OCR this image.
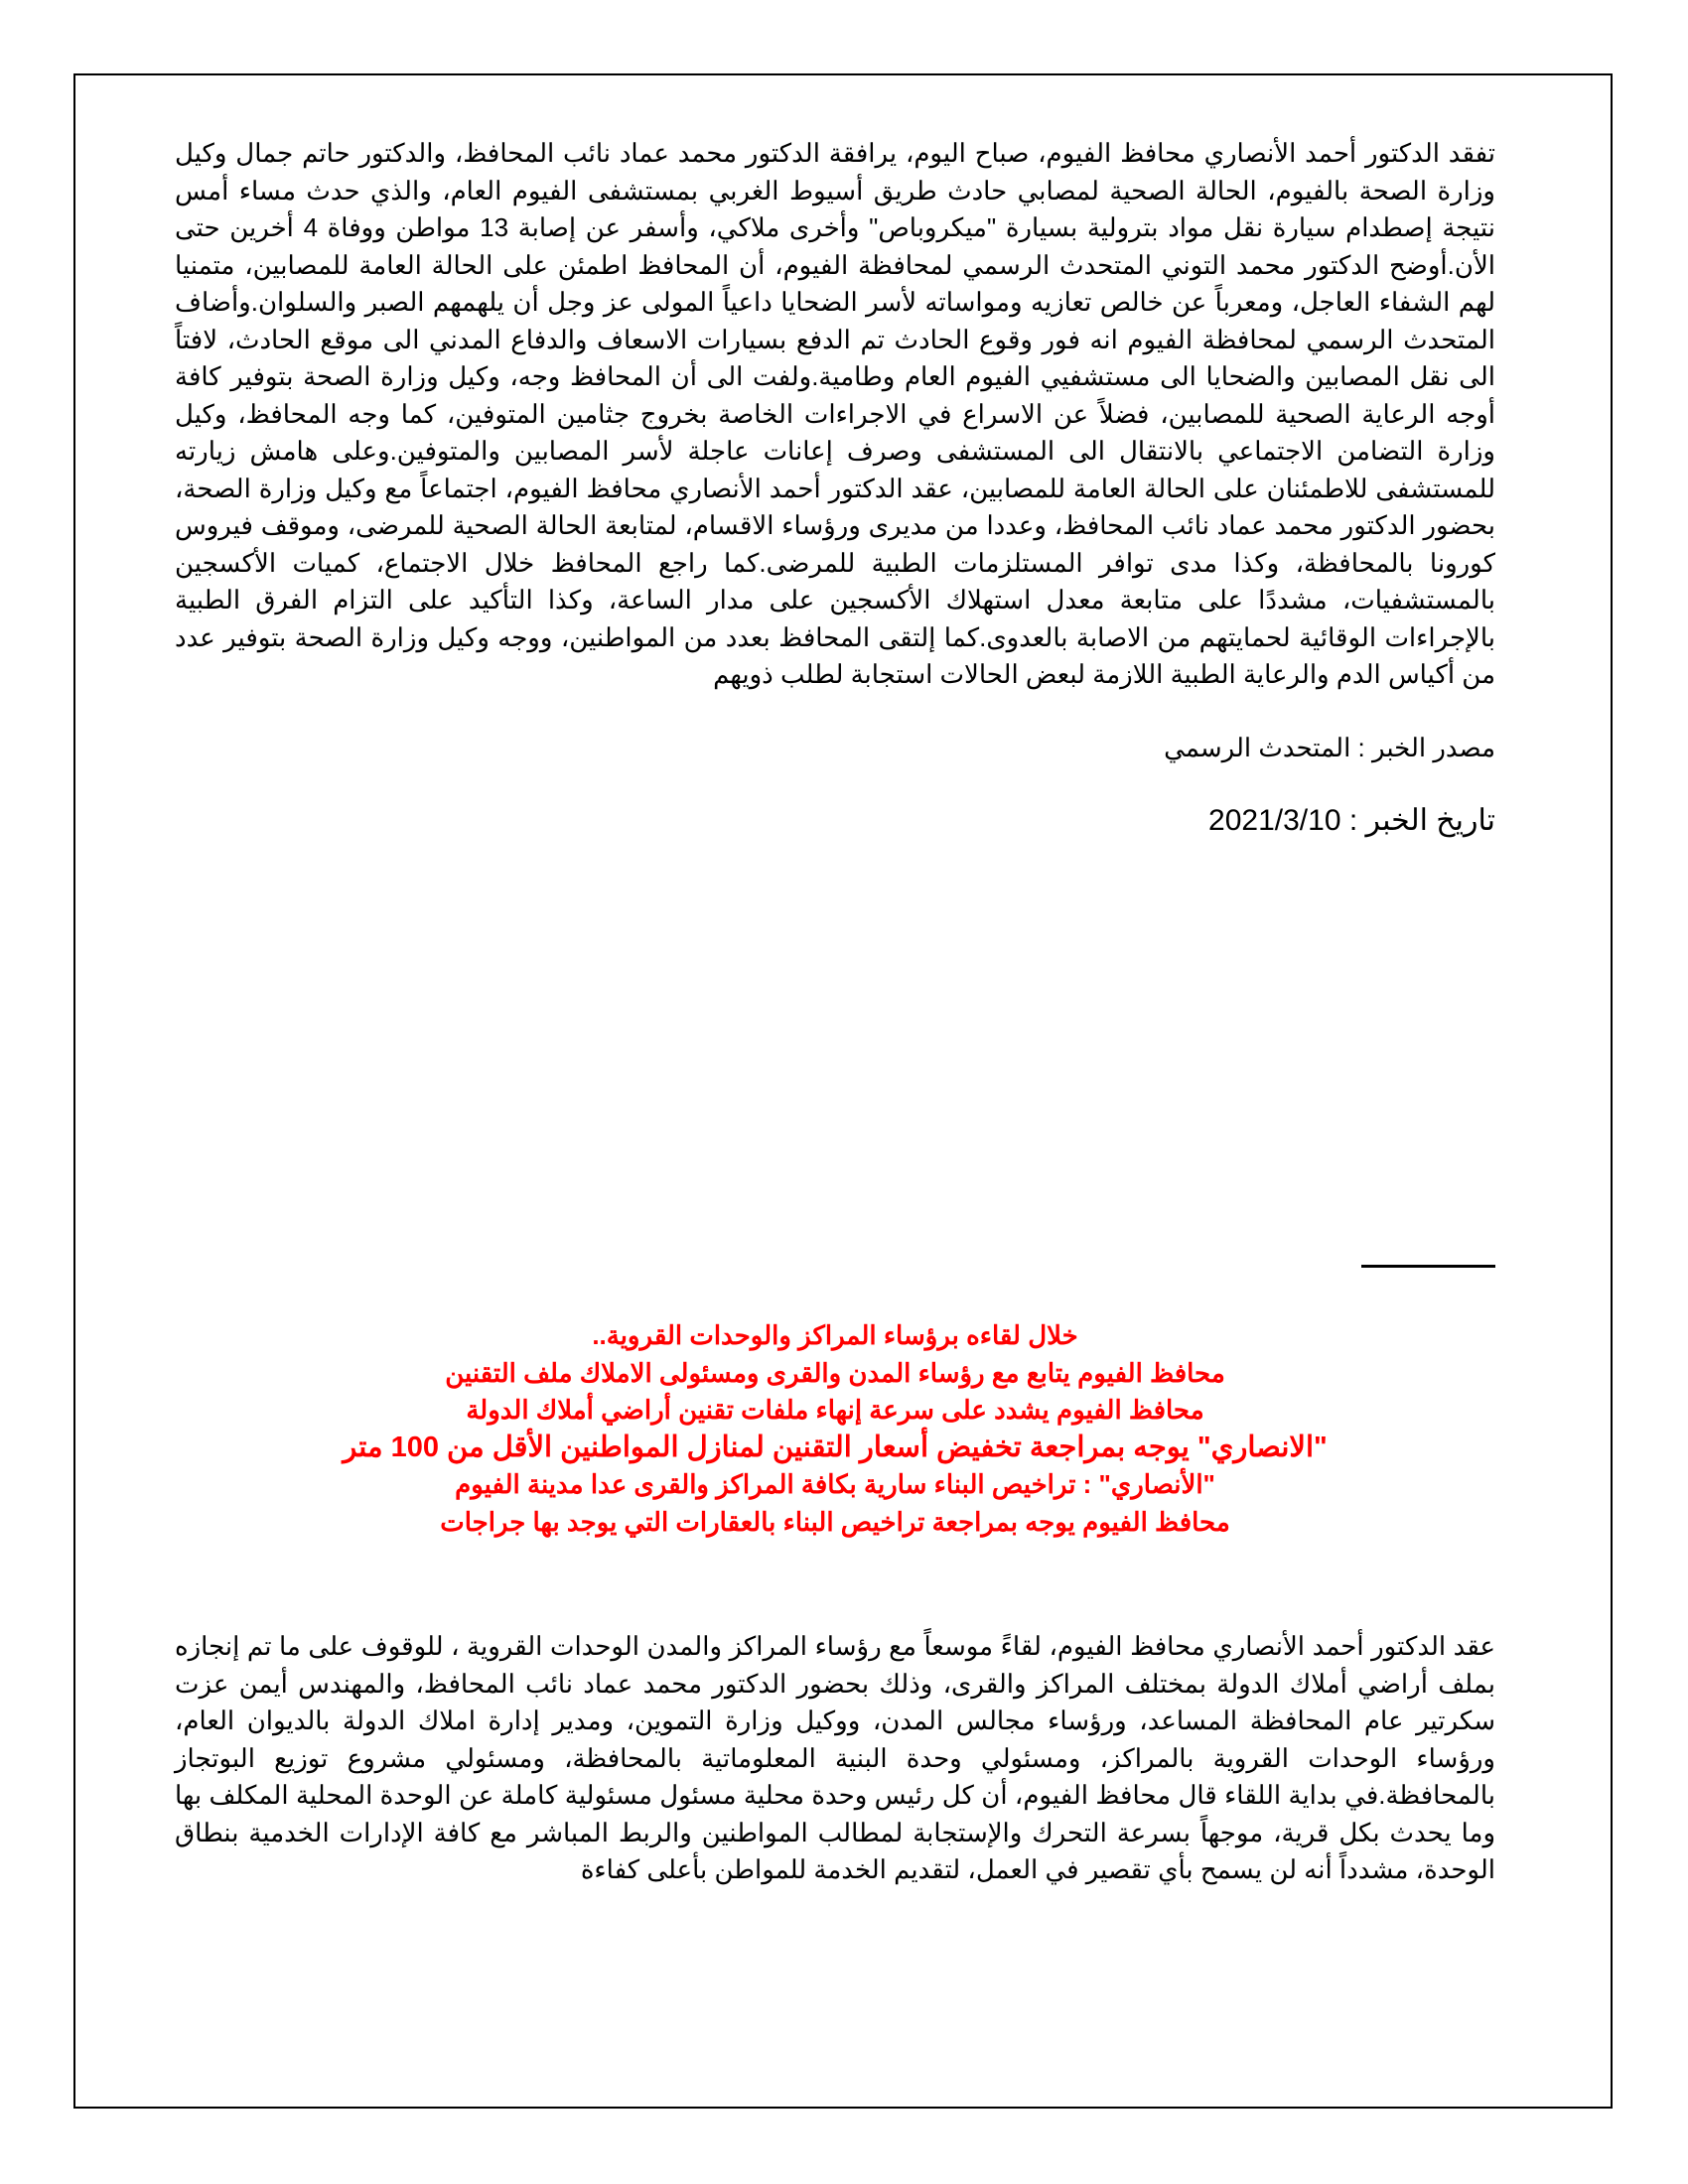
تفقد الدكتور أحمد الأنصاري محافظ الفيوم، صباح اليوم، يرافقة الدكتور محمد عماد نائب المحافظ، والدكتور حاتم جمال وكيل وزارة الصحة بالفيوم، الحالة الصحية لمصابي حادث طريق أسيوط الغربي بمستشفى الفيوم العام، والذي حدث مساء أمس نتيجة إصطدام سيارة نقل مواد بترولية بسيارة "ميكروباص" وأخرى ملاكي، وأسفر عن إصابة 13 مواطن ووفاة 4 أخرين حتى الأن.أوضح الدكتور محمد التوني المتحدث الرسمي لمحافظة الفيوم، أن المحافظ اطمئن على الحالة العامة للمصابين، متمنيا لهم الشفاء العاجل، ومعرباً عن خالص تعازيه ومواساته لأسر الضحايا داعياً المولى عز وجل أن يلهمهم الصبر والسلوان.وأضاف المتحدث الرسمي لمحافظة الفيوم انه فور وقوع الحادث تم الدفع بسيارات الاسعاف والدفاع المدني الى موقع الحادث، لافتاً الى نقل المصابين والضحايا الى مستشفيي الفيوم العام وطامية.ولفت الى أن المحافظ وجه، وكيل وزارة الصحة بتوفير كافة أوجه الرعاية الصحية للمصابين، فضلاً عن الاسراع في الاجراءات الخاصة بخروج جثامين المتوفين، كما وجه المحافظ، وكيل وزارة التضامن الاجتماعي بالانتقال الى المستشفى وصرف إعانات عاجلة لأسر المصابين والمتوفين.وعلى هامش زيارته للمستشفى للاطمئنان على الحالة العامة للمصابين، عقد الدكتور أحمد الأنصاري محافظ الفيوم، اجتماعاً مع وكيل وزارة الصحة، بحضور الدكتور محمد عماد نائب المحافظ، وعددا من مديرى ورؤساء الاقسام، لمتابعة الحالة الصحية للمرضى، وموقف فيروس كورونا بالمحافظة، وكذا مدى توافر المستلزمات الطبية للمرضى.كما راجع المحافظ خلال الاجتماع، كميات الأكسجين بالمستشفيات، مشددًا على متابعة معدل استهلاك الأكسجين على مدار الساعة، وكذا التأكيد على التزام الفرق الطبية بالإجراءات الوقائية لحمايتهم من الاصابة بالعدوى.كما إلتقى المحافظ بعدد من المواطنين، ووجه وكيل وزارة الصحة بتوفير عدد من أكياس الدم والرعاية الطبية اللازمة لبعض الحالات استجابة لطلب ذويهم

مصدر الخبر : المتحدث الرسمي

تاريخ الخبر : 2021/3/10

خلال لقاءه برؤساء المراكز والوحدات القروية..

محافظ الفيوم يتابع مع رؤساء المدن والقرى ومسئولى الاملاك ملف التقنين

محافظ الفيوم يشدد على سرعة إنهاء ملفات تقنين أراضي أملاك الدولة

"الانصاري" يوجه بمراجعة تخفيض أسعار التقنين لمنازل المواطنين الأقل من 100 متر

"الأنصاري" : تراخيص البناء سارية بكافة المراكز والقرى عدا مدينة الفيوم

محافظ الفيوم يوجه بمراجعة تراخيص البناء بالعقارات التي يوجد بها جراجات

عقد الدكتور أحمد الأنصاري محافظ الفيوم، لقاءً موسعاً مع رؤساء المراكز والمدن الوحدات القروية ، للوقوف على ما تم إنجازه بملف أراضي أملاك الدولة بمختلف المراكز والقرى، وذلك بحضور الدكتور محمد عماد نائب المحافظ، والمهندس أيمن عزت سكرتير عام المحافظة المساعد، ورؤساء مجالس المدن، ووكيل وزارة التموين، ومدير إدارة املاك الدولة بالديوان العام، ورؤساء الوحدات القروية بالمراكز، ومسئولي وحدة البنية المعلوماتية بالمحافظة، ومسئولي مشروع توزيع البوتجاز بالمحافظة.في بداية اللقاء قال محافظ الفيوم، أن كل رئيس وحدة محلية مسئول مسئولية كاملة عن الوحدة المحلية المكلف بها وما يحدث بكل قرية، موجهاً بسرعة التحرك والإستجابة لمطالب المواطنين والربط المباشر مع كافة الإدارات الخدمية بنطاق الوحدة، مشدداً أنه لن يسمح بأي تقصير في العمل، لتقديم الخدمة للمواطن بأعلى كفاءة
